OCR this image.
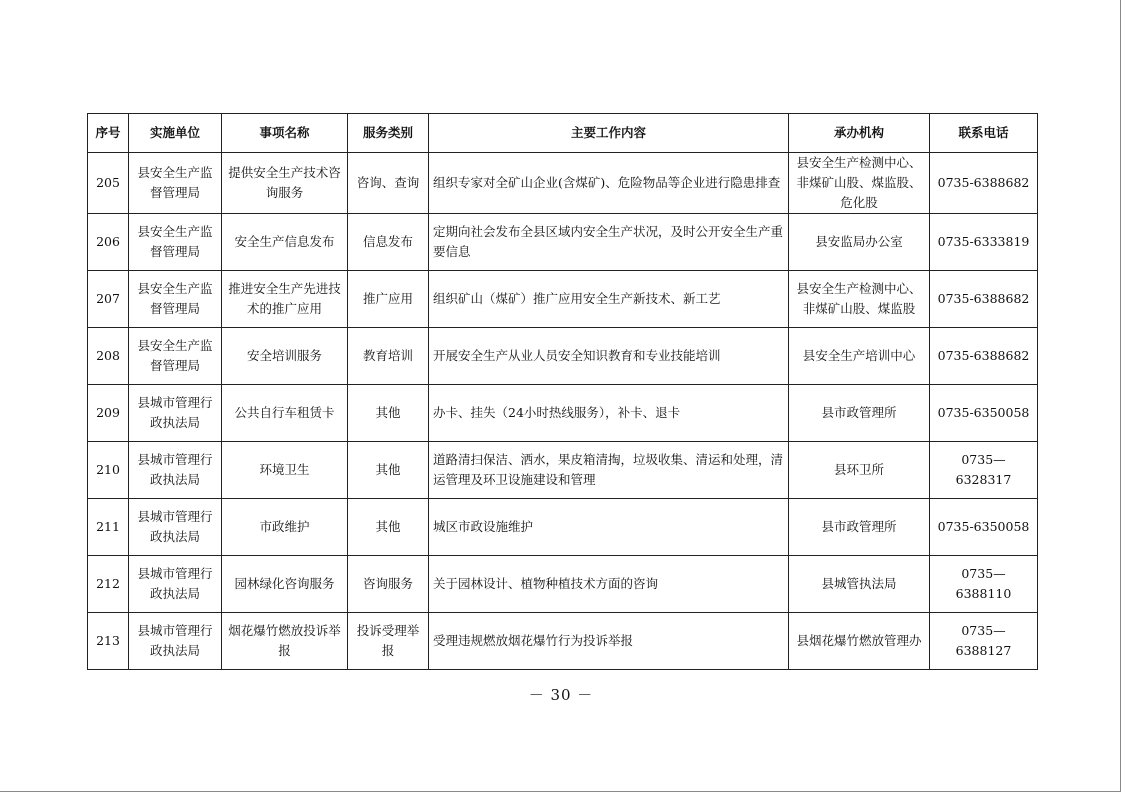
序号	实施单位	事项名称	服务类别	主要工作内容	承办机构	联系电话
205	县安全生产监督管理局	提供安全生产技术咨询服务	咨询、查询	组织专家对全矿山企业(含煤矿)、危险物品等企业进行隐患排查	县安全生产检测中心、非煤矿山股、煤监股、危化股	0735-6388682
206	县安全生产监督管理局	安全生产信息发布	信息发布	定期向社会发布全县区域内安全生产状况，及时公开安全生产重要信息	县安监局办公室	0735-6333819
207	县安全生产监督管理局	推进安全生产先进技术的推广应用	推广应用	组织矿山（煤矿）推广应用安全生产新技术、新工艺	县安全生产检测中心、非煤矿山股、煤监股	0735-6388682
208	县安全生产监督管理局	安全培训服务	教育培训	开展安全生产从业人员安全知识教育和专业技能培训	县安全生产培训中心	0735-6388682
209	县城市管理行政执法局	公共自行车租赁卡	其他	办卡、挂失（24小时热线服务），补卡、退卡	县市政管理所	0735-6350058
210	县城市管理行政执法局	环境卫生	其他	道路清扫保洁、洒水，果皮箱清掏，垃圾收集、清运和处理，清运管理及环卫设施建设和管理	县环卫所	0735—6328317
211	县城市管理行政执法局	市政维护	其他	城区市政设施维护	县市政管理所	0735-6350058
212	县城市管理行政执法局	园林绿化咨询服务	咨询服务	关于园林设计、植物种植技术方面的咨询	县城管执法局	0735—6388110
213	县城市管理行政执法局	烟花爆竹燃放投诉举报	投诉受理举报	受理违规燃放烟花爆竹行为投诉举报	县烟花爆竹燃放管理办	0735—6388127
－ 30 －
